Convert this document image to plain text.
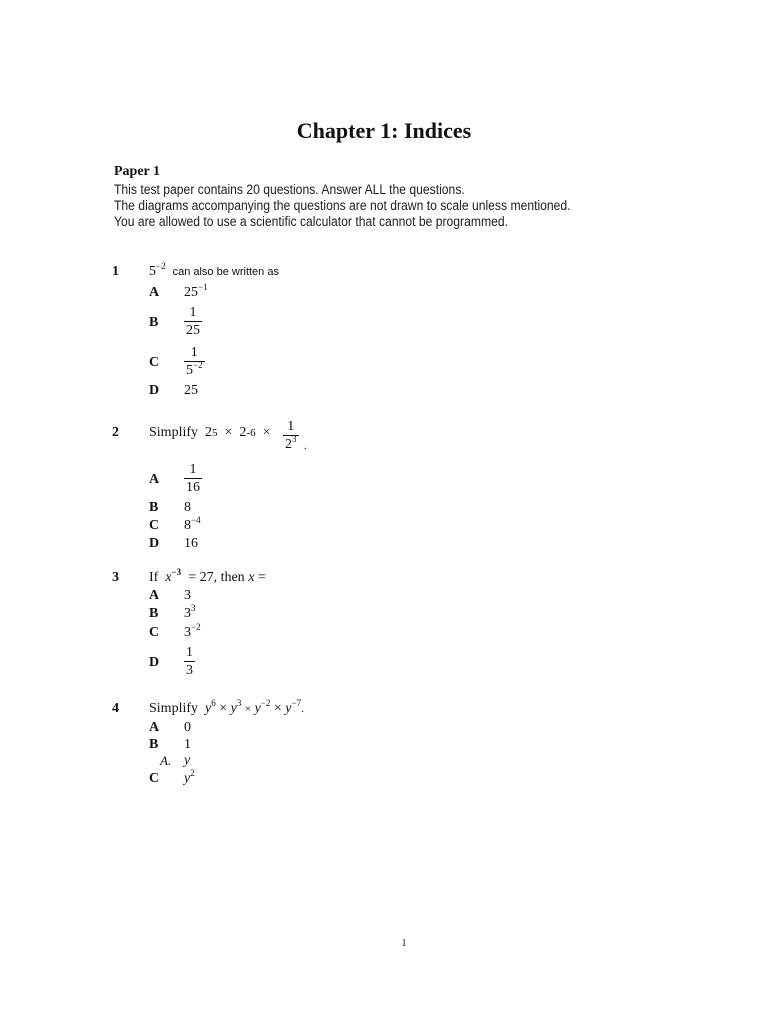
Chapter 1: Indices
Paper 1
This test paper contains 20 questions. Answer ALL the questions.
The diagrams accompanying the questions are not drawn to scale unless mentioned.
You are allowed to use a scientific calculator that cannot be programmed.
1 $5^{-2}$ can also be written as
A $25^{-1}$
B
1
25
C
1
$5^{-2}$
D 25
2 Simplify 25 × 2-6 × 1
$2^3$
.
A
1
16
B 8
C $8^{-4}$
D 16
3 If $x^{-3} = 27$, then x =
A 3
B $3^3$
C $3^{-2}$
D
1
3
4 Simplify $y^6 \times y^3 \times y^{-2} \times y^{-7}$.
A 0
B 1
A. y
C $y^2$
1
